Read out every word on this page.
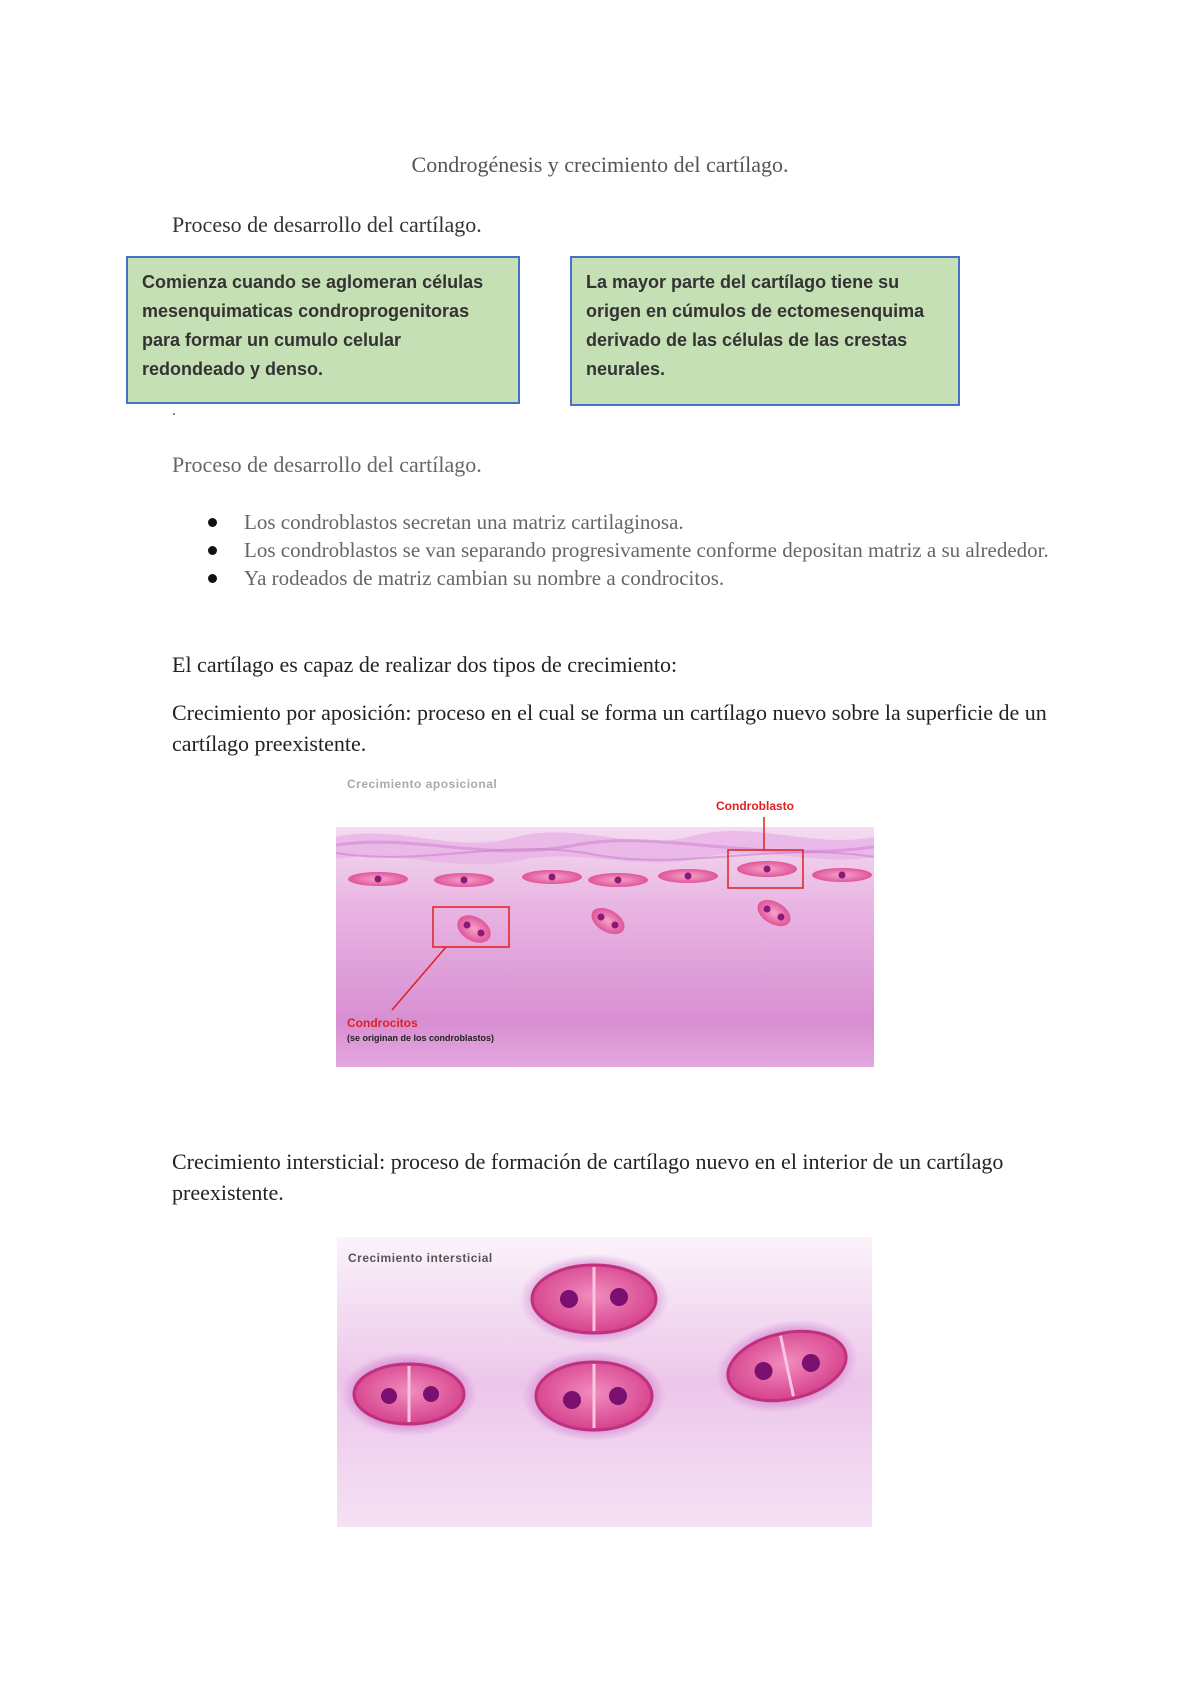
Condrogénesis y crecimiento del cartílago.
Proceso de desarrollo del cartílago.
Comienza cuando se aglomeran células mesenquimaticas condroprogenitoras para formar un cumulo celular redondeado y denso.
La mayor parte del cartílago tiene su origen en cúmulos de ectomesenquima derivado de las células de las crestas neurales.
.
Proceso de desarrollo del cartílago.
Los condroblastos secretan una matriz cartilaginosa.
Los condroblastos se van separando progresivamente conforme depositan matriz a su alrededor.
Ya rodeados de matriz cambian su nombre a condrocitos.
El cartílago es capaz de realizar dos tipos de crecimiento:
Crecimiento por aposición: proceso en el cual se forma un cartílago nuevo sobre la superficie de un cartílago preexistente.
Crecimiento aposicional
Condroblasto
Condrocitos
(se originan de los condroblastos)
Crecimiento intersticial: proceso de formación de cartílago nuevo en el interior de un cartílago preexistente.
Crecimiento intersticial
